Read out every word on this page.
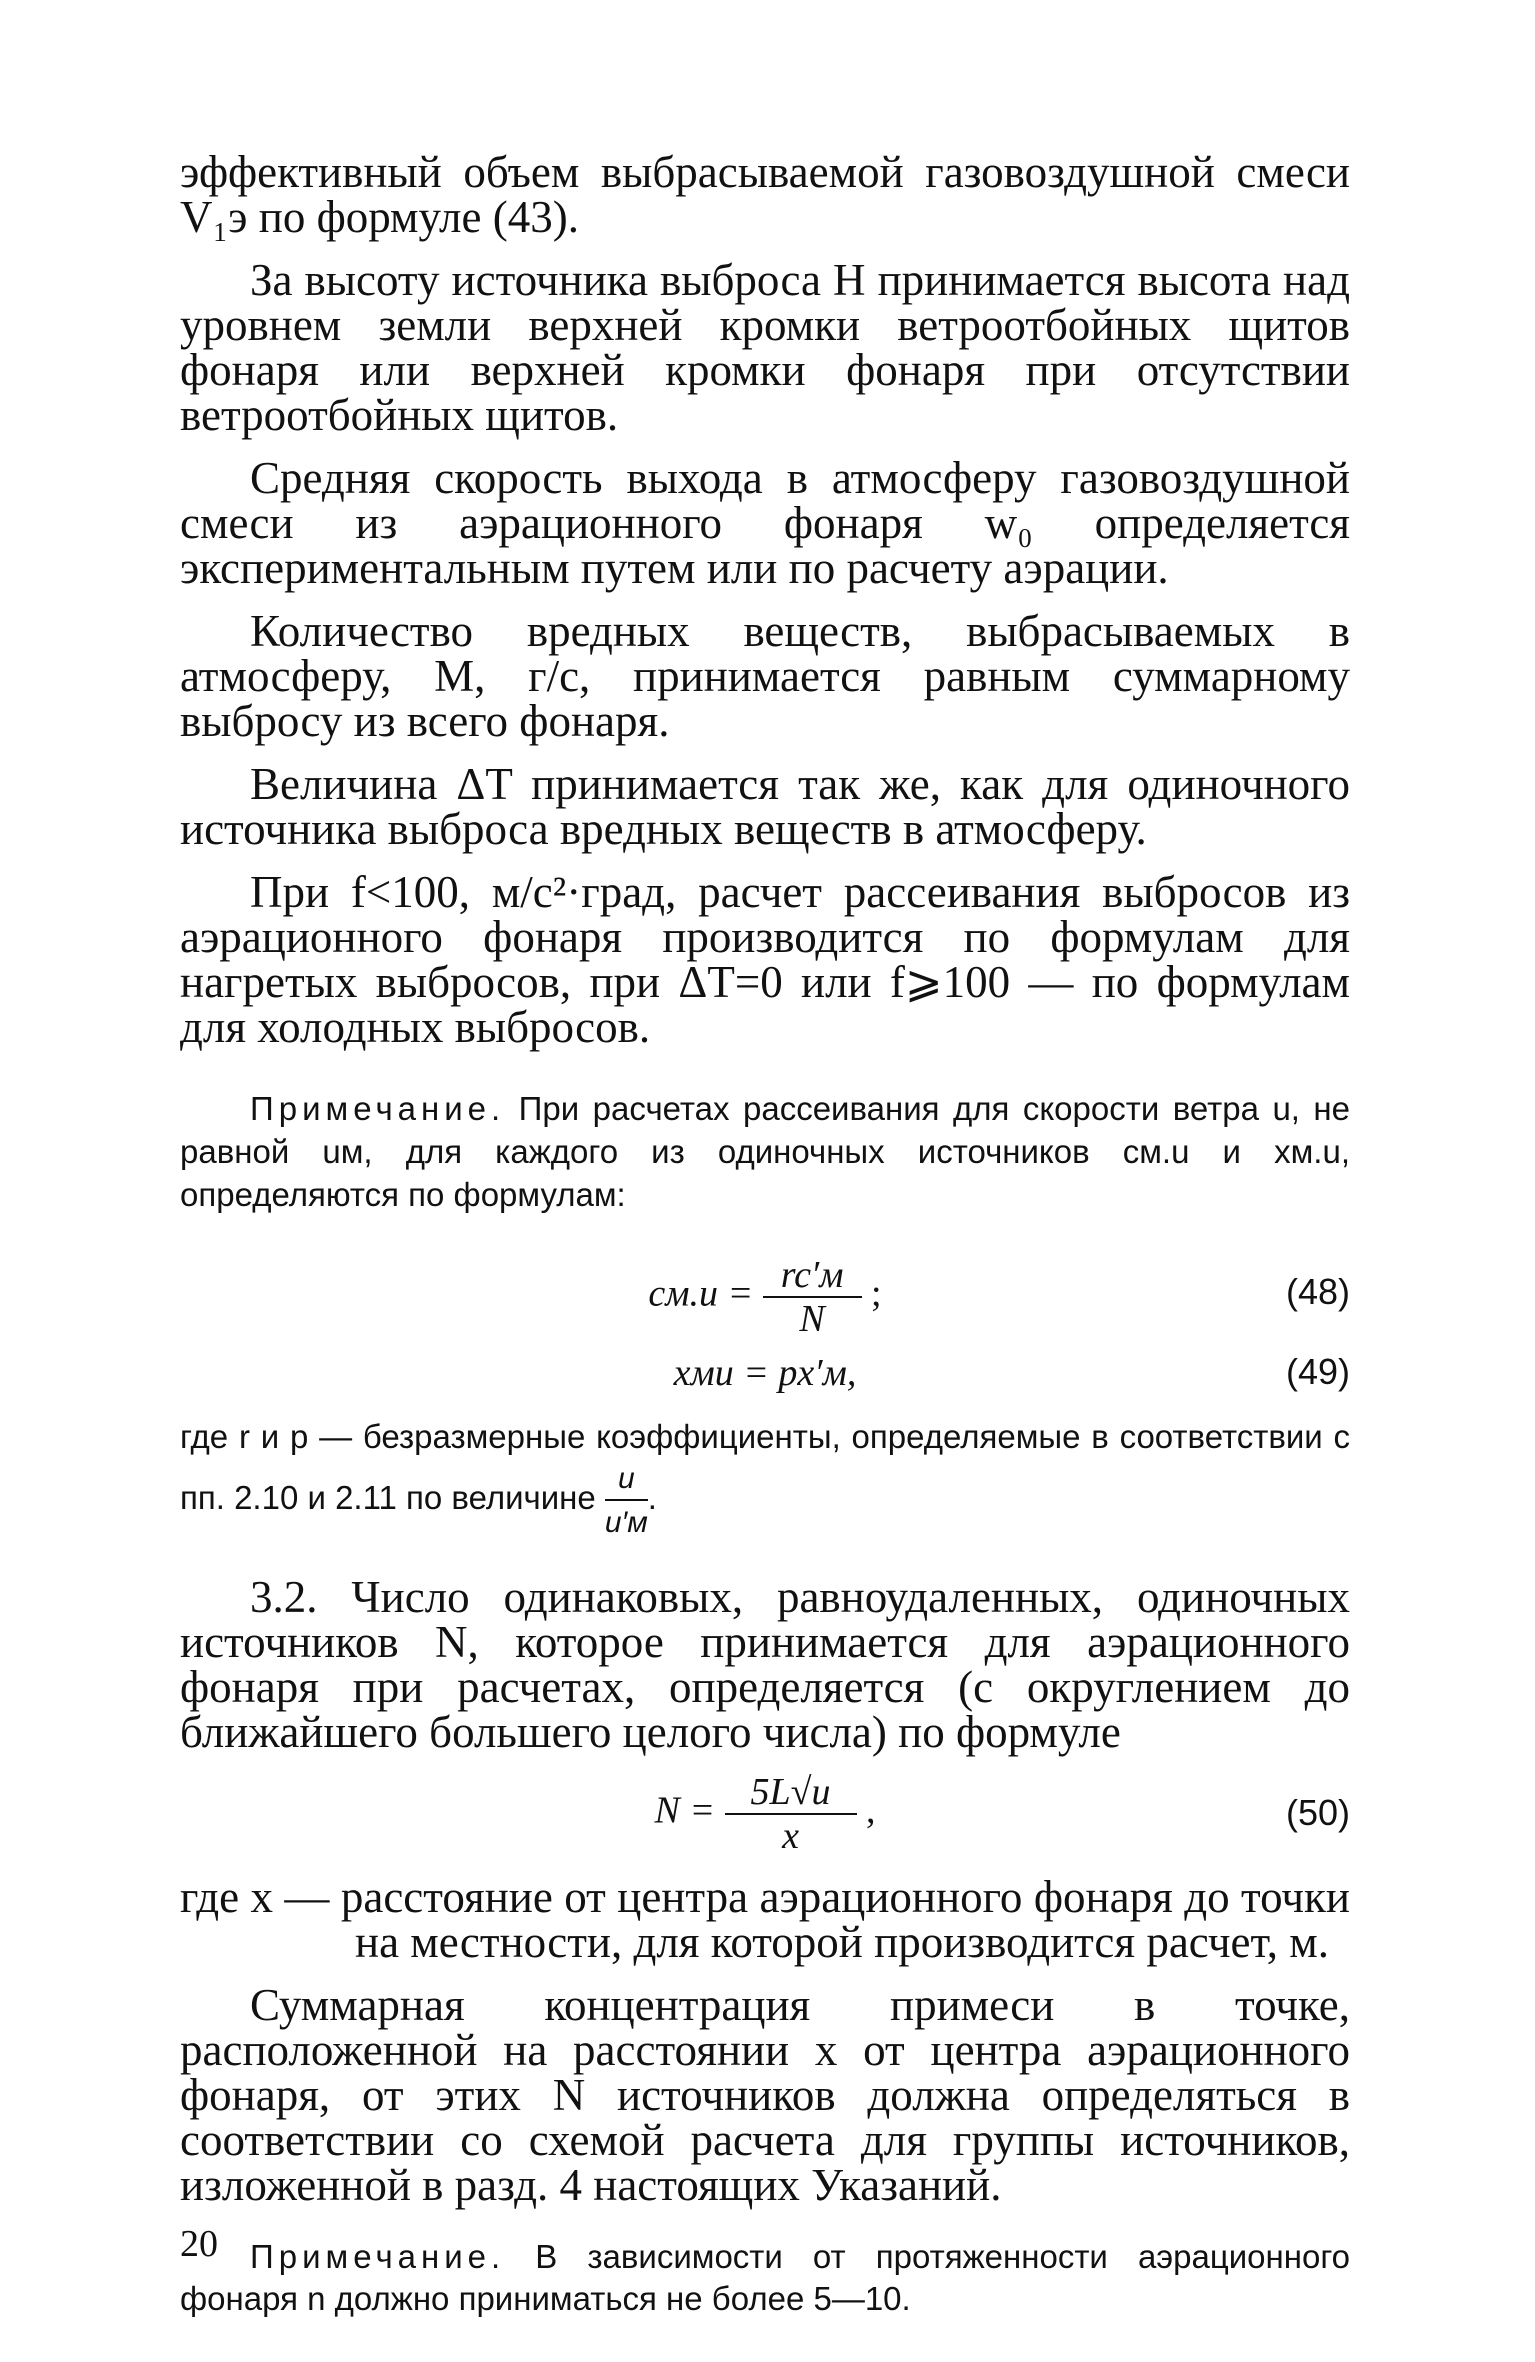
эффективный объем выбрасываемой газовоздушной смеси V₁э по формуле (43).

За высоту источника выброса H принимается высота над уровнем земли верхней кромки ветроотбойных щитов фонаря или верхней кромки фонаря при отсутствии ветроотбойных щитов.

Средняя скорость выхода в атмосферу газовоздушной смеси из аэрационного фонаря w₀ определяется экспериментальным путем или по расчету аэрации.

Количество вредных веществ, выбрасываемых в атмосферу, M, г/с, принимается равным суммарному выбросу из всего фонаря.

Величина ΔT принимается так же, как для одиночного источника выброса вредных веществ в атмосферу.

При f<100, м/с²·град, расчет рассеивания выбросов из аэрационного фонаря производится по формулам для нагретых выбросов, при ΔT=0 или f⩾100 — по формулам для холодных выбросов.

Примечание. При расчетах рассеивания для скорости ветра u, не равной uм, для каждого из одиночных источников cм.u и xм.u, определяются по формулам:

$cм.u = \frac{rc'м}{N}$ ;	(48)
xмu = px′м,	(49)

где r и p — безразмерные коэффициенты, определяемые в соответствии с пп. 2.10 и 2.11 по величине $\frac{u}{u'м}$ .

3.2. Число одинаковых, равноудаленных, одиночных источников N, которое принимается для аэрационного фонаря при расчетах, определяется (с округлением до ближайшего большего целого числа) по формуле

$N = \frac{5L√u}{x}$ ,	(50)

где x — расстояние от центра аэрационного фонаря до точки на местности, для которой производится расчет, м.

Суммарная концентрация примеси в точке, расположенной на расстоянии x от центра аэрационного фонаря, от этих N источников должна определяться в соответствии со схемой расчета для группы источников, изложенной в разд. 4 настоящих Указаний.

Примечание. В зависимости от протяженности аэрационного фонаря n должно приниматься не более 5—10.

20
